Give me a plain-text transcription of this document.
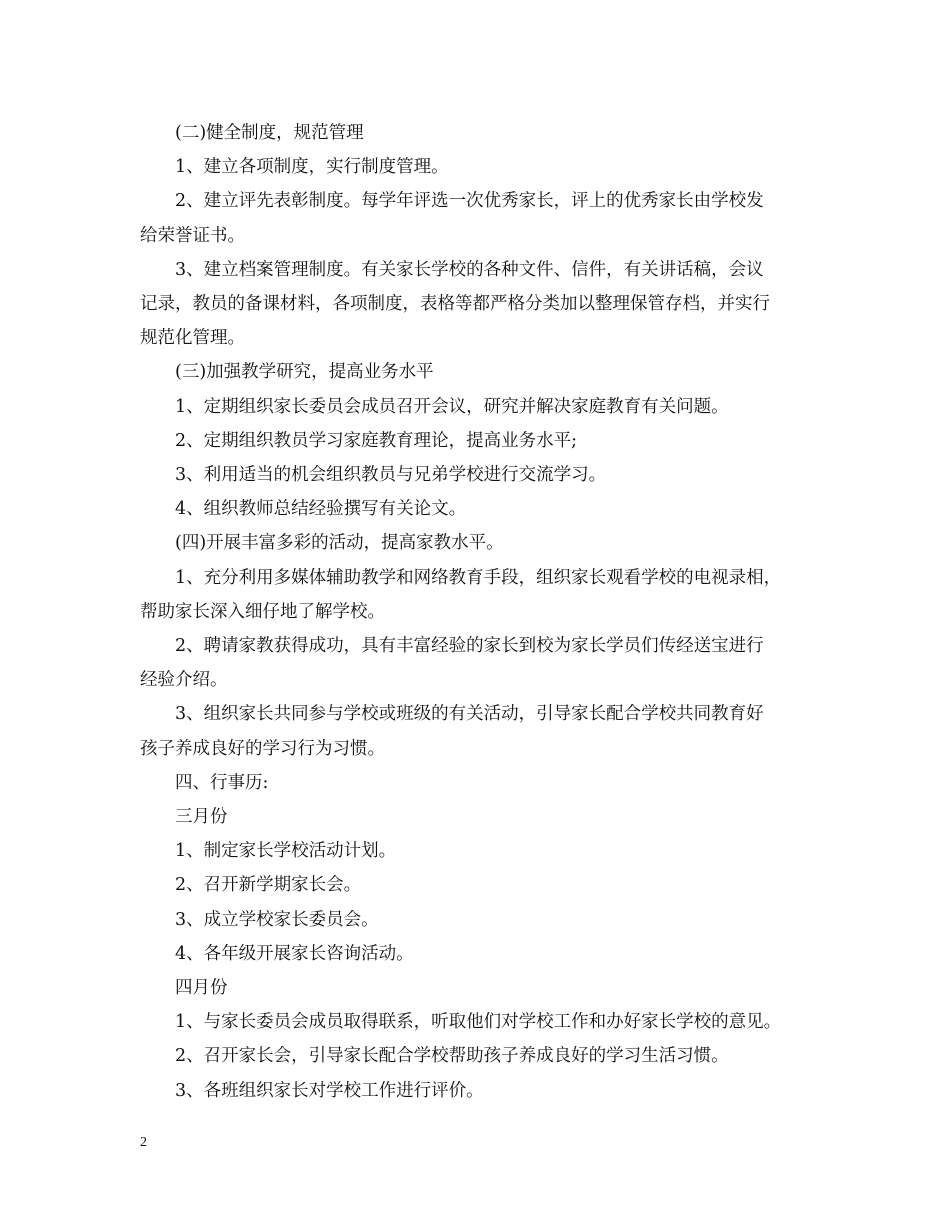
(二)健全制度，规范管理

1、建立各项制度，实行制度管理。

2、建立评先表彰制度。每学年评选一次优秀家长，评上的优秀家长由学校发
给荣誉证书。

3、建立档案管理制度。有关家长学校的各种文件、信件，有关讲话稿，会议
记录，教员的备课材料，各项制度，表格等都严格分类加以整理保管存档，并实行
规范化管理。

(三)加强教学研究，提高业务水平

1、定期组织家长委员会成员召开会议，研究并解决家庭教育有关问题。

2、定期组织教员学习家庭教育理论，提高业务水平;

3、利用适当的机会组织教员与兄弟学校进行交流学习。

4、组织教师总结经验撰写有关论文。

(四)开展丰富多彩的活动，提高家教水平。

1、充分利用多媒体辅助教学和网络教育手段，组织家长观看学校的电视录相，
帮助家长深入细仔地了解学校。

2、聘请家教获得成功，具有丰富经验的家长到校为家长学员们传经送宝进行
经验介绍。

3、组织家长共同参与学校或班级的有关活动，引导家长配合学校共同教育好
孩子养成良好的学习行为习惯。

四、行事历:

三月份

1、制定家长学校活动计划。

2、召开新学期家长会。

3、成立学校家长委员会。

4、各年级开展家长咨询活动。

四月份

1、与家长委员会成员取得联系，听取他们对学校工作和办好家长学校的意见。

2、召开家长会，引导家长配合学校帮助孩子养成良好的学习生活习惯。

3、各班组织家长对学校工作进行评价。

2
